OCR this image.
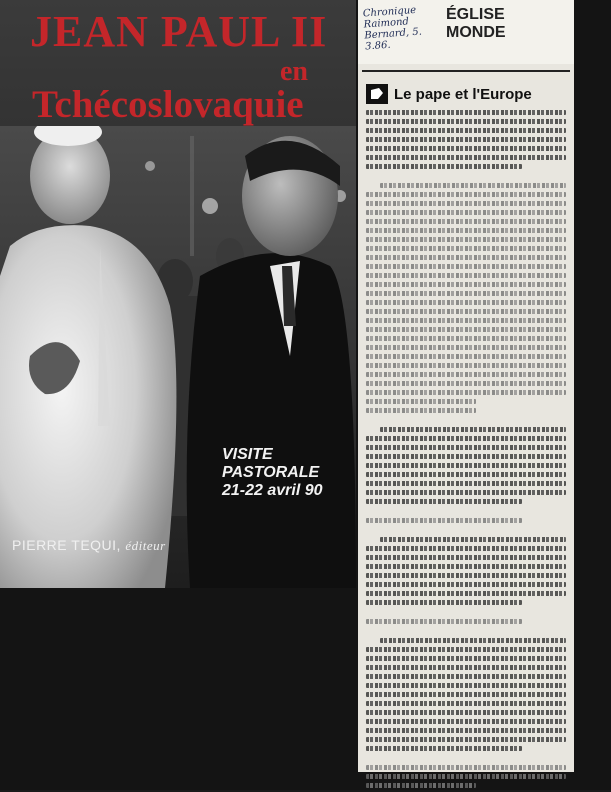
JEAN PAUL II
en
Tchécoslovaquie
VISITE
PASTORALE
21-22 avril 90
PIERRE TEQUI, éditeur
Chronique Raimond Bernard, 5. 3.86.
ÉGLISE
MONDE
Le pape et l'Europe
